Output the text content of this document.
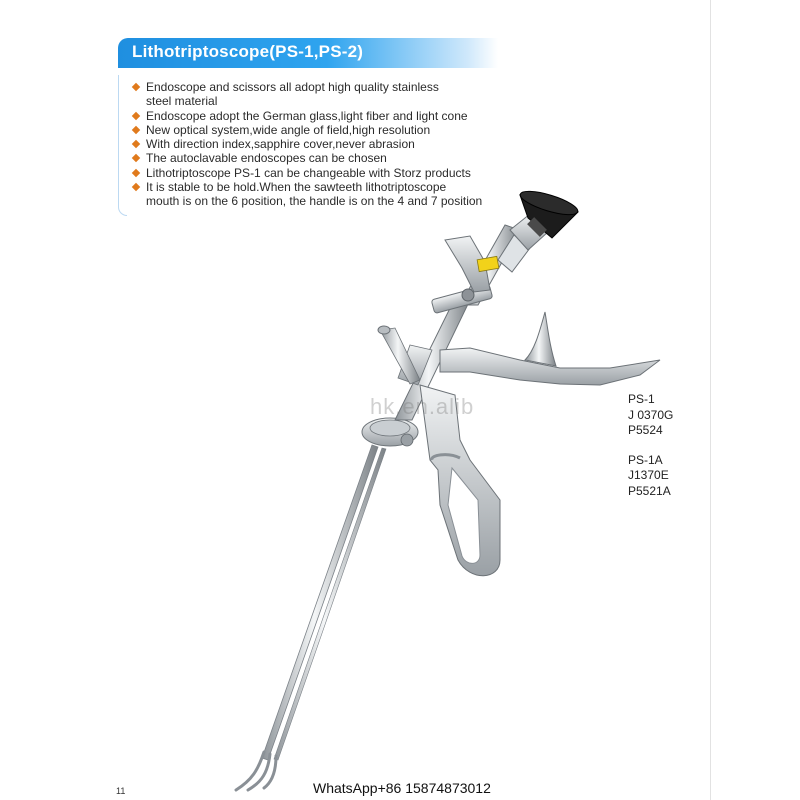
Lithotriptoscope(PS-1,PS-2)
Endoscope and scissors all adopt high quality stainless
steel material
Endoscope adopt the German glass,light fiber and light cone
New optical system,wide angle of field,high resolution
With direction index,sapphire cover,never abrasion
The autoclavable endoscopes can be chosen
Lithotriptoscope PS-1 can be changeable with Storz products
It is stable to be hold.When the sawteeth lithotriptoscope
mouth is on the 6 position, the handle is on the 4 and 7 position
hk.en.alib	PS-1
J 0370G
P5524
PS-1A
J1370E
P5521A
11	WhatsApp+86 15874873012
